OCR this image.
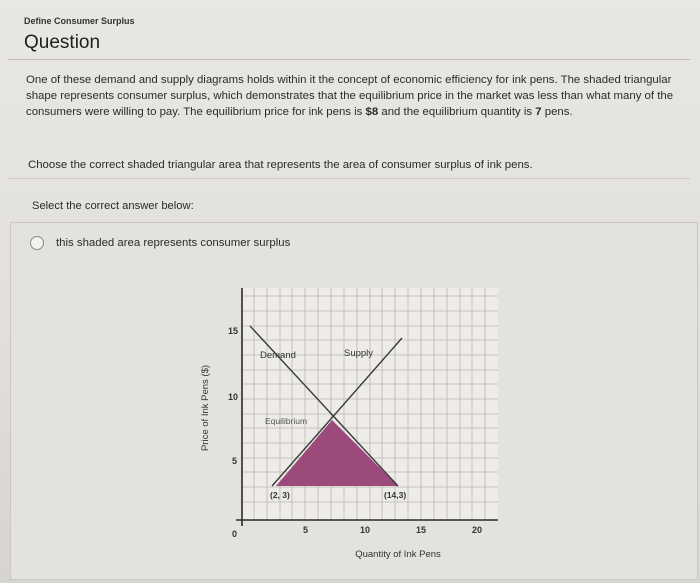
Define Consumer Surplus
Question
One of these demand and supply diagrams holds within it the concept of economic efficiency for ink pens. The shaded triangular shape represents consumer surplus, which demonstrates that the equilibrium price in the market was less than what many of the consumers were willing to pay. The equilibrium price for ink pens is $8 and the equilibrium quantity is 7 pens.
Choose the correct shaded triangular area that represents the area of consumer surplus of ink pens.
Select the correct answer below:
this shaded area represents consumer surplus
Price of Ink Pens ($)
15
10
5
0	5	10	15	20
Quantity of Ink Pens
Demand	Supply
Equilibrium
(2, 3)	(14,3)
